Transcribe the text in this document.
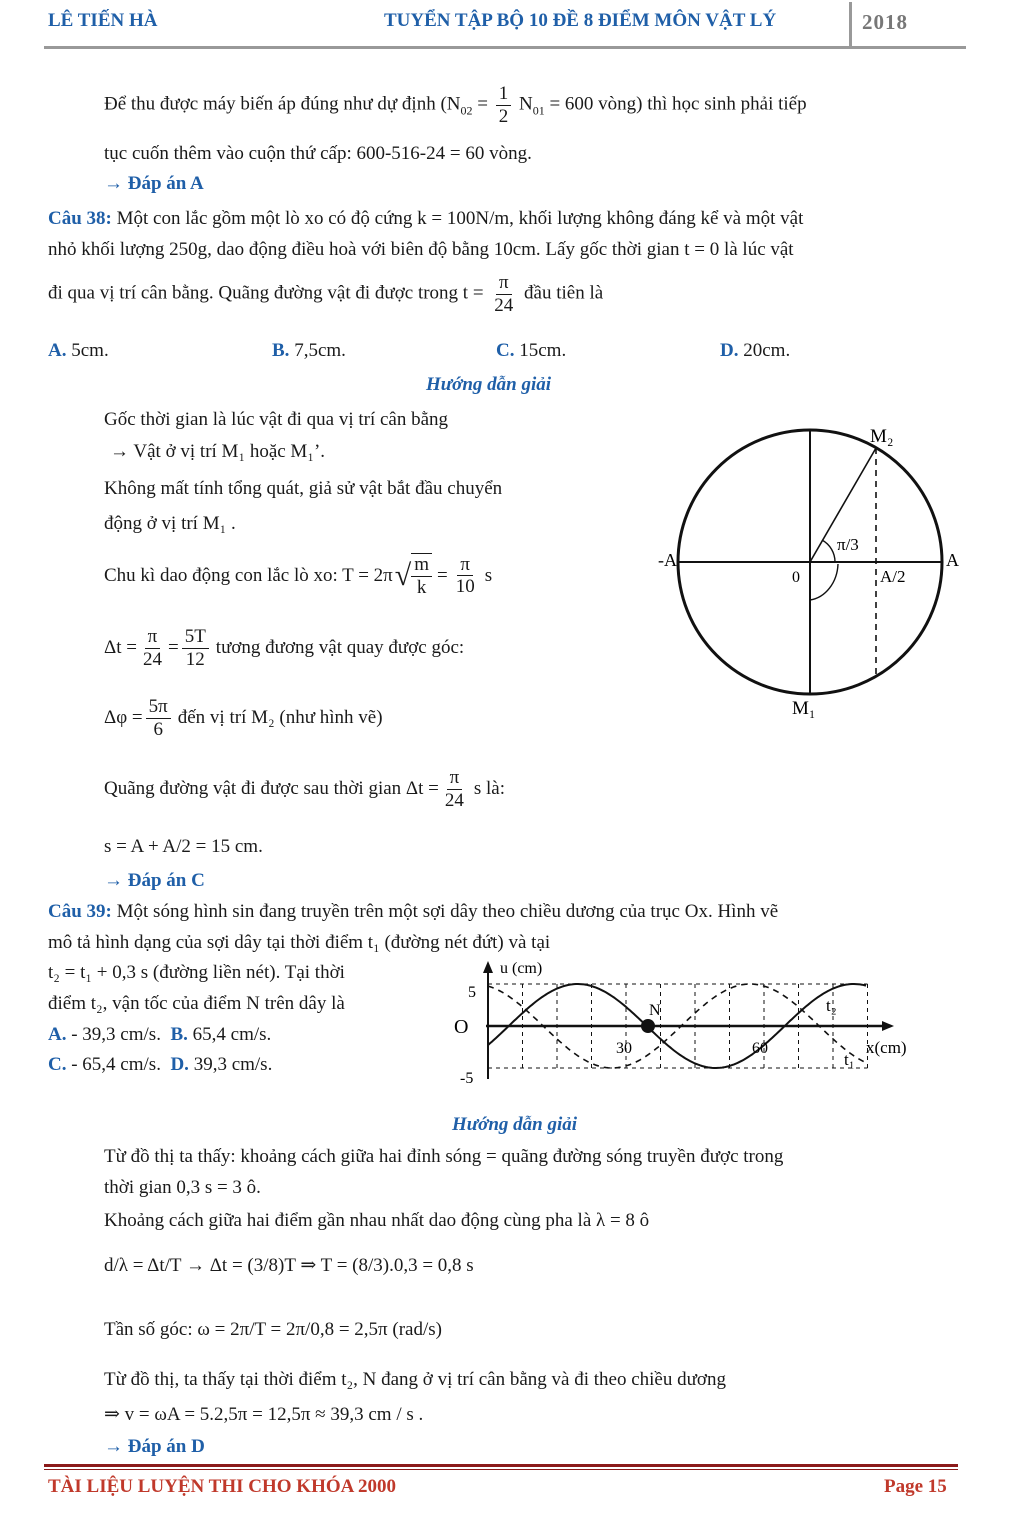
LÊ TIẾN HÀ	TUYỂN TẬP BỘ 10 ĐỀ 8 ĐIỂM MÔN VẬT LÝ	2018
Để thu được máy biến áp đúng như dự định ($N_{02} = \frac{1}{2} N_{01} = 600$ vòng) thì học sinh phải tiếp
tục cuốn thêm vào cuộn thứ cấp: 600-516-24 = 60 vòng.
→ Đáp án A
Câu 38: Một con lắc gồm một lò xo có độ cứng k = 100N/m, khối lượng không đáng kể và một vật
nhỏ khối lượng 250g, dao động điều hoà với biên độ bằng 10cm. Lấy gốc thời gian t = 0 là lúc vật
đi qua vị trí cân bằng. Quãng đường vật đi được trong $t = \frac{\pi}{24}$ đầu tiên là
A. 5cm.	B. 7,5cm.	C. 15cm.	D. 20cm.
Hướng dẫn giải
Gốc thời gian là lúc vật đi qua vị trí cân bằng
→ Vật ở vị trí M₁ hoặc M₁’.
Không mất tính tổng quát, giả sử vật bắt đầu chuyển
động ở vị trí M₁ .
Chu kì dao động con lắc lò xo: T = 2π √ $\frac{m}{k} = \frac{\pi}{10}$ s
$\Delta t = \frac{\pi}{24} = \frac{5T}{12}$ tương đương vật quay được góc:
$\Delta\varphi = \frac{5\pi}{6}$ đến vị trí M₂ (như hình vẽ)
Quãng đường vật đi được sau thời gian $\Delta t = \frac{\pi}{24}$ s là:
s = A + A/2 = 15 cm.
→ Đáp án C
M₂
M₁
-A	A
0	A/2
π/3
Câu 39: Một sóng hình sin đang truyền trên một sợi dây theo chiều dương của trục Ox. Hình vẽ
mô tả hình dạng của sợi dây tại thời điểm t₁ (đường nét đứt) và tại
t₂ = t₁ + 0,3 s (đường liền nét). Tại thời
điểm t₂, vận tốc của điểm N trên dây là
A. - 39,3 cm/s. B. 65,4 cm/s.
C. - 65,4 cm/s. D. 39,3 cm/s.
u (cm)
x(cm)
O
5
-5
30	60
N
t₁
t₂
Hướng dẫn giải
Từ đồ thị ta thấy: khoảng cách giữa hai đỉnh sóng = quãng đường sóng truyền được trong
thời gian 0,3 s = 3 ô.
Khoảng cách giữa hai điểm gần nhau nhất dao động cùng pha là λ = 8 ô
d/λ = Δt/T → Δt = (3/8)T ⇒ T = (8/3).0,3 = 0,8 s
Tần số góc: ω = 2π/T = 2π/0,8 = 2,5π (rad/s)
Từ đồ thị, ta thấy tại thời điểm t₂, N đang ở vị trí cân bằng và đi theo chiều dương
⇒ v = ωA = 5.2,5π = 12,5π ≈ 39,3 cm / s .
→ Đáp án D
TÀI LIỆU LUYỆN THI CHO KHÓA 2000	Page 15
